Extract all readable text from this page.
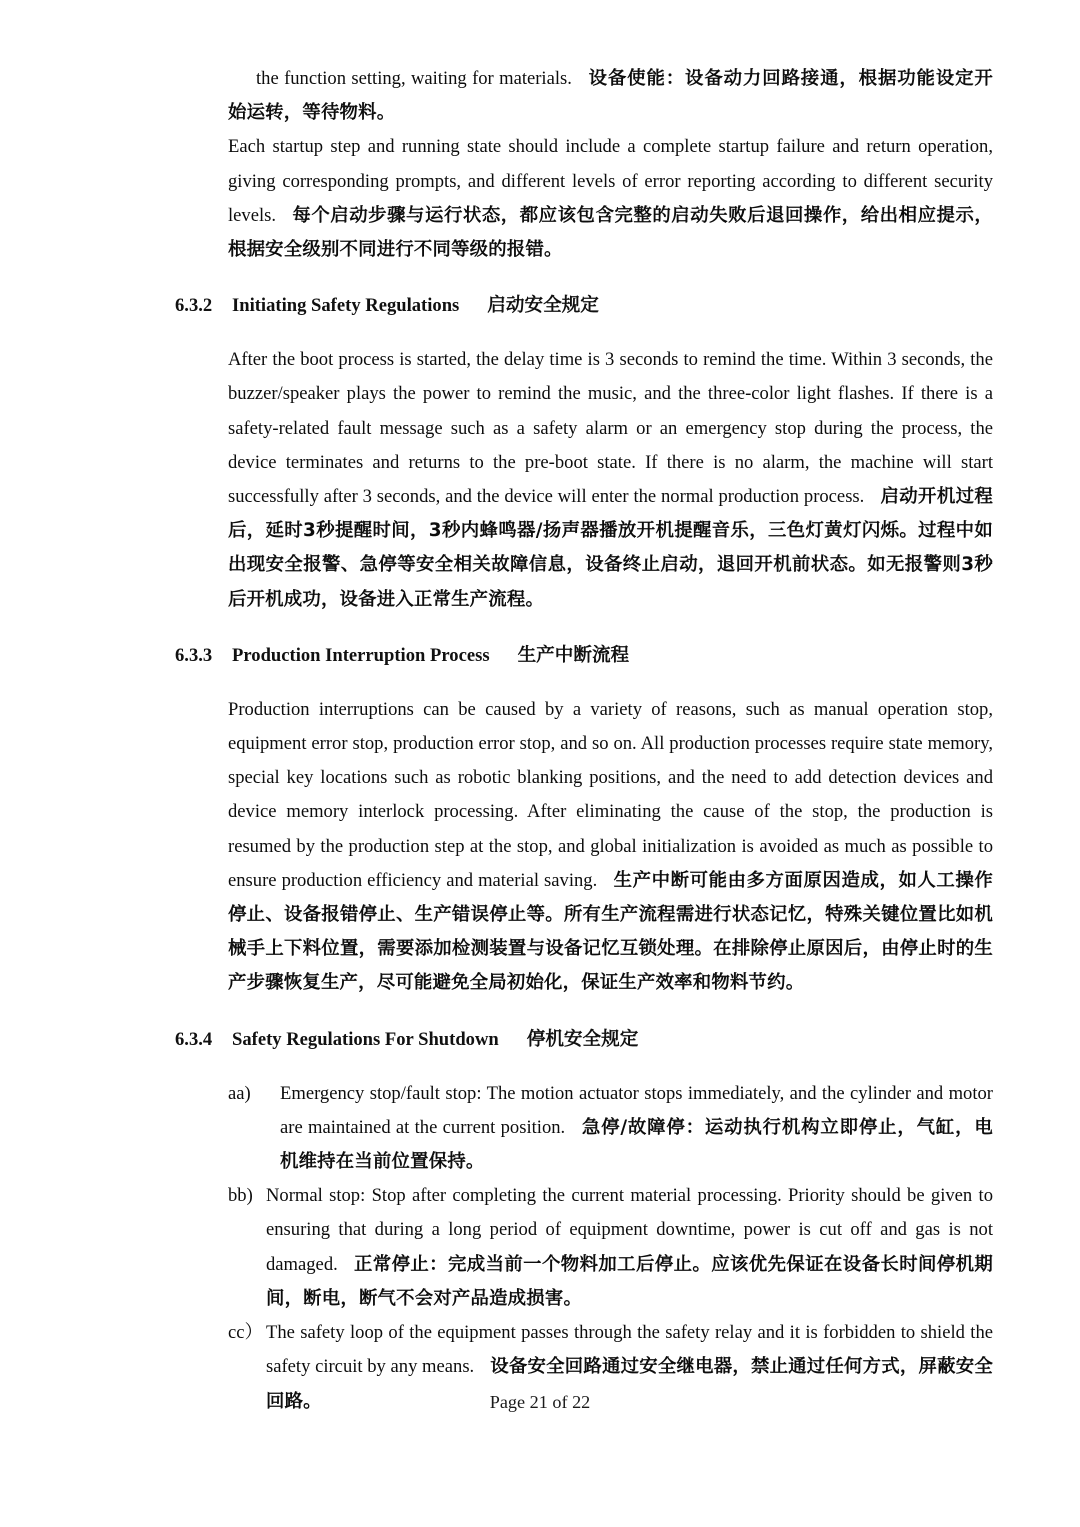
the function setting, waiting for materials. 设备使能：设备动力回路接通，根据功能设定开始运转，等待物料。

Each startup step and running state should include a complete startup failure and return operation, giving corresponding prompts, and different levels of error reporting according to different security levels. 每个启动步骤与运行状态，都应该包含完整的启动失败后退回操作，给出相应提示，根据安全级别不同进行不同等级的报错。

6.3.2	Initiating Safety Regulations 启动安全规定

After the boot process is started, the delay time is 3 seconds to remind the time. Within 3 seconds, the buzzer/speaker plays the power to remind the music, and the three-color light flashes. If there is a safety-related fault message such as a safety alarm or an emergency stop during the process, the device terminates and returns to the pre-boot state. If there is no alarm, the machine will start successfully after 3 seconds, and the device will enter the normal production process. 启动开机过程后，延时3秒提醒时间，3秒内蜂鸣器/扬声器播放开机提醒音乐，三色灯黄灯闪烁。过程中如出现安全报警、急停等安全相关故障信息，设备终止启动，退回开机前状态。如无报警则3秒后开机成功，设备进入正常生产流程。

6.3.3	Production Interruption Process 生产中断流程

Production interruptions can be caused by a variety of reasons, such as manual operation stop, equipment error stop, production error stop, and so on. All production processes require state memory, special key locations such as robotic blanking positions, and the need to add detection devices and device memory interlock processing. After eliminating the cause of the stop, the production is resumed by the production step at the stop, and global initialization is avoided as much as possible to ensure production efficiency and material saving. 生产中断可能由多方面原因造成，如人工操作停止、设备报错停止、生产错误停止等。所有生产流程需进行状态记忆，特殊关键位置比如机械手上下料位置，需要添加检测装置与设备记忆互锁处理。在排除停止原因后，由停止时的生产步骤恢复生产，尽可能避免全局初始化，保证生产效率和物料节约。

6.3.4	Safety Regulations For Shutdown 停机安全规定
aa)	Emergency stop/fault stop: The motion actuator stops immediately, and the cylinder and motor are maintained at the current position. 急停/故障停：运动执行机构立即停止，气缸，电机维持在当前位置保持。
bb) Normal stop: Stop after completing the current material processing. Priority should be given to ensuring that during a long period of equipment downtime, power is cut off and gas is not damaged. 正常停止：完成当前一个物料加工后停止。应该优先保证在设备长时间停机期间，断电，断气不会对产品造成损害。
cc） The safety loop of the equipment passes through the safety relay and it is forbidden to shield the safety circuit by any means. 设备安全回路通过安全继电器，禁止通过任何方式，屏蔽安全回路。	Page 21 of 22
